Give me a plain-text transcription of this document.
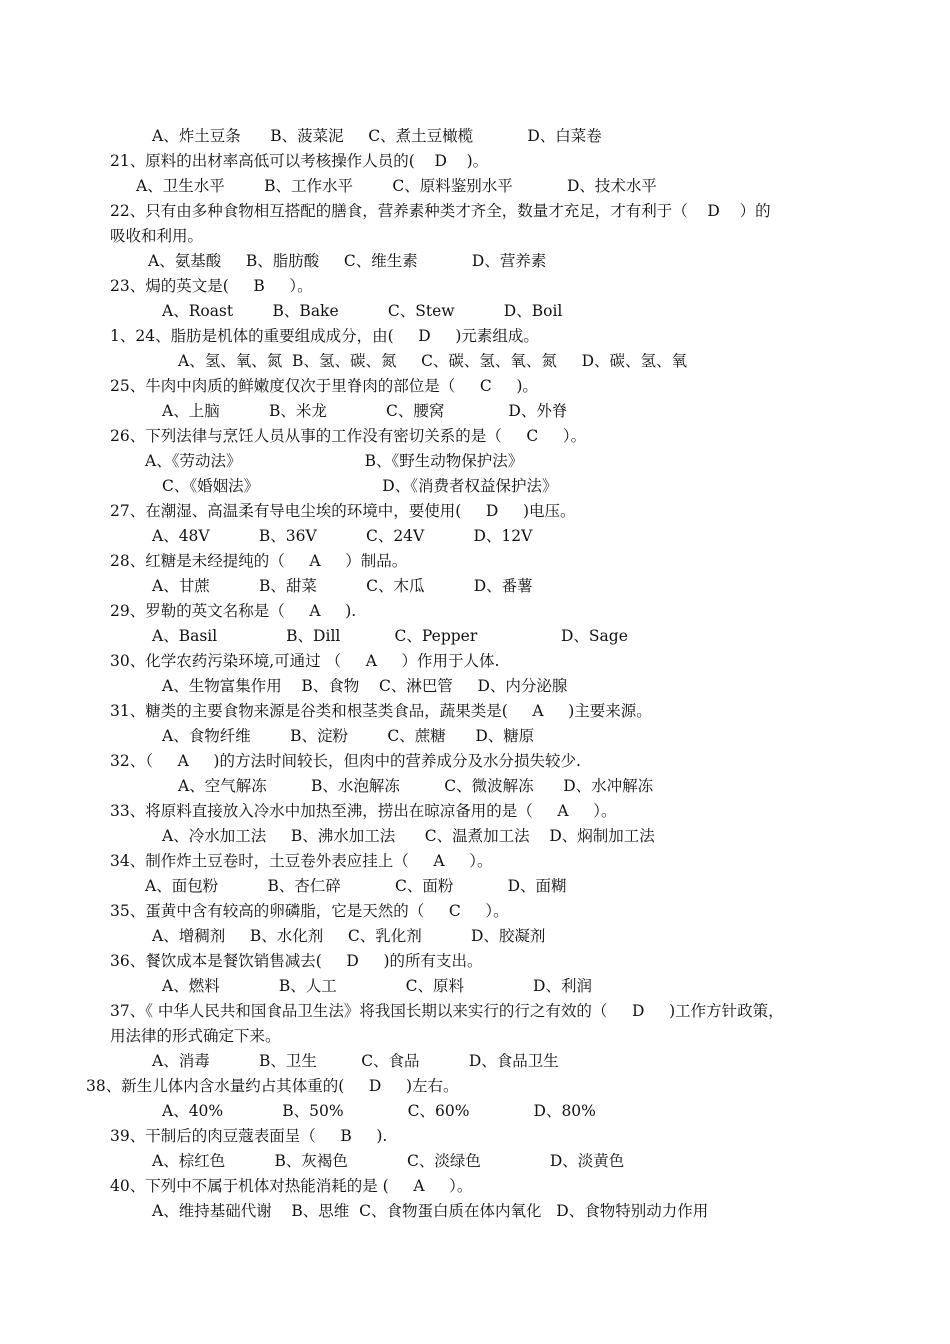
A、炸土豆条      B、菠菜泥     C、煮土豆橄榄           D、白菜卷
21、原料的出材率高低可以考核操作人员的(    D    )。
A、卫生水平        B、工作水平        C、原料鉴别水平           D、技术水平
22、只有由多种食物相互搭配的膳食，营养素种类才齐全，数量才充足，才有利于（    D    ）的
吸收和利用。
A、氨基酸     B、脂肪酸     C、维生素           D、营养素
23、焗的英文是(     B     ）。
A、Roast        B、Bake          C、Stew          D、Boil
1、24、脂肪是机体的重要组成成分，由(     D     )元素组成。
A、氢、氧、氮  B、氢、碳、氮     C、碳、氢、氧、氮     D、碳、氢、氧
25、牛肉中肉质的鲜嫩度仅次于里脊肉的部位是（     C     )。
A、上脑          B、米龙            C、腰窝             D、外脊
26、下列法律与烹饪人员从事的工作没有密切关系的是（     C     ）。
A、《劳动法》                         B、《野生动物保护法》
C、《婚姻法》                         D、《消费者权益保护法》
27、在潮湿、高温柔有导电尘埃的环境中，要使用(     D     )电压。
A、48V          B、36V          C、24V          D、12V
28、红糖是未经提纯的（     A     ）制品。
A、甘蔗          B、甜菜          C、木瓜          D、番薯
29、罗勒的英文名称是（     A     ).
A、Basil              B、Dill           C、Pepper                 D、Sage
30、化学农药污染环境,可通过 （     A     ）作用于人体.
A、生物富集作用    B、食物    C、淋巴管     D、内分泌腺
31、糖类的主要食物来源是谷类和根茎类食品，蔬果类是(     A     )主要来源。
A、食物纤维        B、淀粉        C、蔗糖      D、糖原
32、（     A     )的方法时间较长，但肉中的营养成分及水分损失较少.
A、空气解冻         B、水泡解冻         C、微波解冻      D、水冲解冻
33、将原料直接放入冷水中加热至沸，捞出在晾凉备用的是（     A     ）。
A、冷水加工法     B、沸水加工法      C、温煮加工法    D、焖制加工法
34、制作炸土豆卷时，土豆卷外表应挂上（     A     ）。
A、面包粉          B、杏仁碎           C、面粉           D、面糊
35、蛋黄中含有较高的卵磷脂，它是天然的（     C     ）。
A、增稠剂     B、水化剂     C、乳化剂          D、胶凝剂
36、餐饮成本是餐饮销售减去(     D     )的所有支出。
A、燃料            B、人工              C、原料              D、利润
37、《 中华人民共和国食品卫生法》将我国长期以来实行的行之有效的（     D     )工作方针政策，
用法律的形式确定下来。
A、消毒          B、卫生         C、食品          D、食品卫生
38、新生儿体内含水量约占其体重的(     D     )左右。
A、40%            B、50%             C、60%             D、80%
39、干制后的肉豆蔻表面呈（     B     ).
A、棕红色          B、灰褐色            C、淡绿色              D、淡黄色
40、下列中不属于机体对热能消耗的是 (     A     ）。
A、维持基础代谢    B、思维  C、食物蛋白质在体内氧化   D、食物特别动力作用
